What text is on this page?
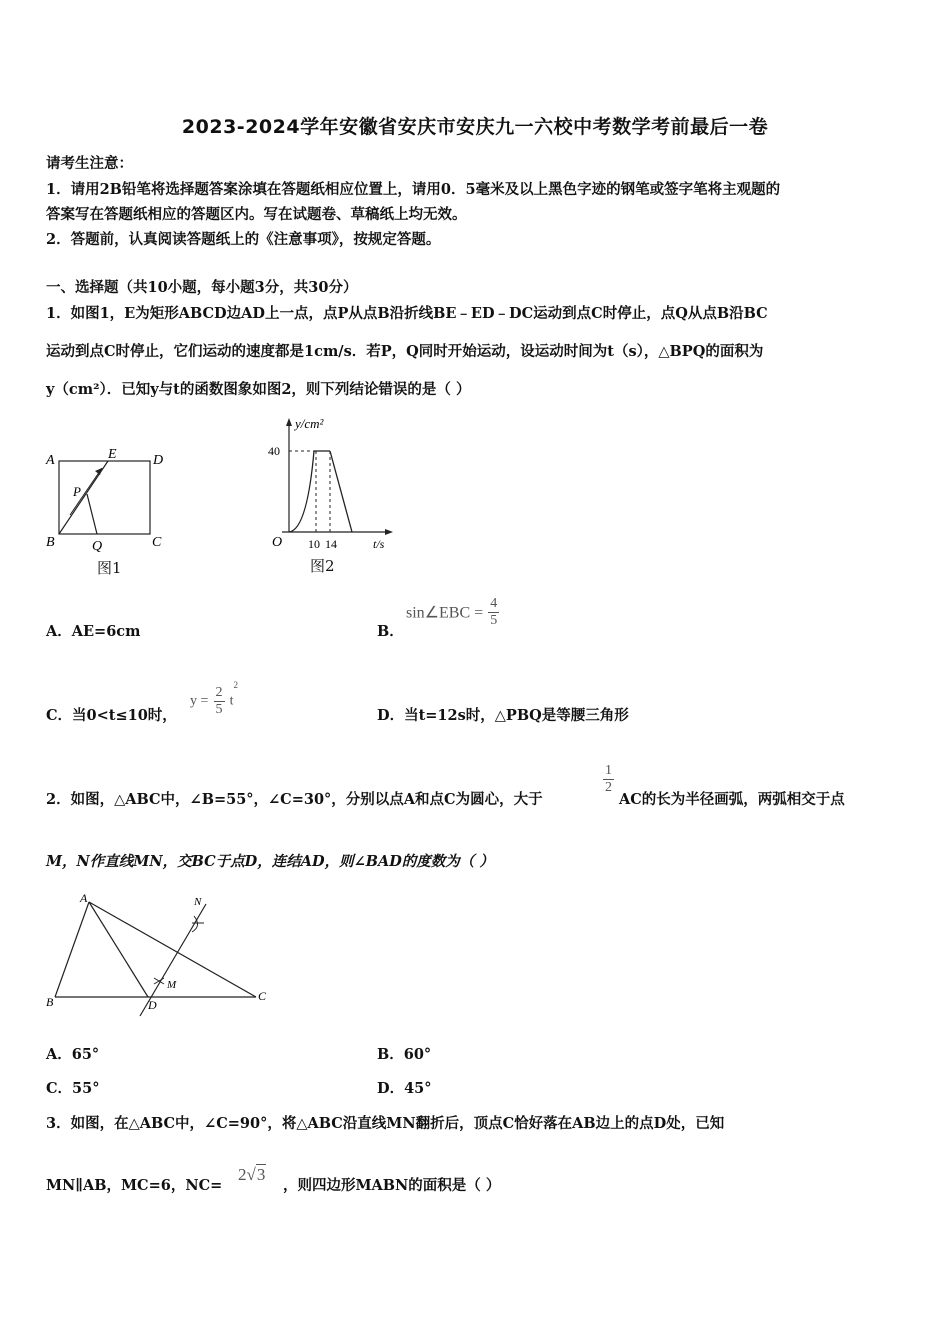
2023-2024学年安徽省安庆市安庆九一六校中考数学考前最后一卷
请考生注意：
1．请用2B铅笔将选择题答案涂填在答题纸相应位置上，请用0．5毫米及以上黑色字迹的钢笔或签字笔将主观题的
答案写在答题纸相应的答题区内。写在试题卷、草稿纸上均无效。
2．答题前，认真阅读答题纸上的《注意事项》，按规定答题。
一、选择题（共10小题，每小题3分，共30分）
1．如图1，E为矩形ABCD边AD上一点，点P从点B沿折线BE﹣ED﹣DC运动到点C时停止，点Q从点B沿BC
运动到点C时停止，它们运动的速度都是1cm/s．若P，Q同时开始运动，设运动时间为t（s），△BPQ的面积为
y（cm²）．已知y与t的函数图象如图2，则下列结论错误的是（ ）
A	E	D
B	Q	C
P
图1
y/cm²
40
O 10 14	t/s
图2
A．AE=6cm	B．
sin∠EBC = $\frac{4}{5}$
C．当0<t≤10时，
$y = \frac{2}{5} t^2$
D．当t=12s时，△PBQ是等腰三角形
2．如图，△ABC中，∠B=55°，∠C=30°，分别以点A和点C为圆心，大于
$\frac{1}{2}$
AC的长为半径画弧，两弧相交于点
M，N作直线MN，交BC于点D，连结AD，则∠BAD的度数为（ ）
A
B	C
D
M
N
A．65°	B．60°
C．55°	D．45°
3．如图，在△ABC中，∠C=90°，将△ABC沿直线MN翻折后，顶点C恰好落在AB边上的点D处，已知
MN∥AB，MC=6，NC=
2√3
，则四边形MABN的面积是（ ）
